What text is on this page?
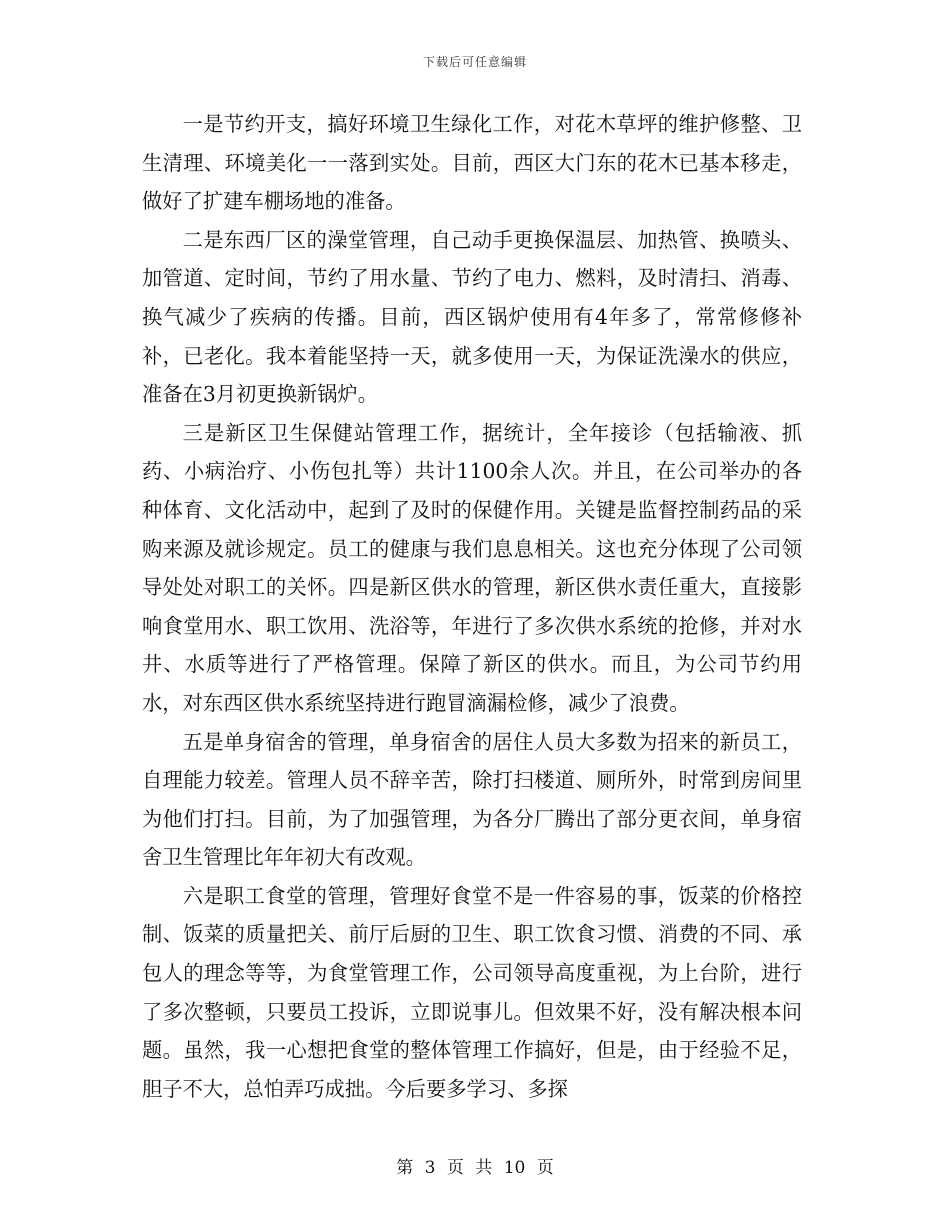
下载后可任意编辑

一是节约开支，搞好环境卫生绿化工作，对花木草坪的维护修整、卫生清理、环境美化一一落到实处。目前，西区大门东的花木已基本移走，做好了扩建车棚场地的准备。

二是东西厂区的澡堂管理，自己动手更换保温层、加热管、换喷头、加管道、定时间，节约了用水量、节约了电力、燃料，及时清扫、消毒、换气减少了疾病的传播。目前，西区锅炉使用有4年多了，常常修修补补，已老化。我本着能坚持一天，就多使用一天，为保证洗澡水的供应，准备在3月初更换新锅炉。

三是新区卫生保健站管理工作，据统计，全年接诊（包括输液、抓药、小病治疗、小伤包扎等）共计1100余人次。并且，在公司举办的各种体育、文化活动中，起到了及时的保健作用。关键是监督控制药品的采购来源及就诊规定。员工的健康与我们息息相关。这也充分体现了公司领导处处对职工的关怀。四是新区供水的管理，新区供水责任重大，直接影响食堂用水、职工饮用、洗浴等，年进行了多次供水系统的抢修，并对水井、水质等进行了严格管理。保障了新区的供水。而且，为公司节约用水，对东西区供水系统坚持进行跑冒滴漏检修，减少了浪费。

五是单身宿舍的管理，单身宿舍的居住人员大多数为招来的新员工，自理能力较差。管理人员不辞辛苦，除打扫楼道、厕所外，时常到房间里为他们打扫。目前，为了加强管理，为各分厂腾出了部分更衣间，单身宿舍卫生管理比年年初大有改观。

六是职工食堂的管理，管理好食堂不是一件容易的事，饭菜的价格控制、饭菜的质量把关、前厅后厨的卫生、职工饮食习惯、消费的不同、承包人的理念等等，为食堂管理工作，公司领导高度重视，为上台阶，进行了多次整顿，只要员工投诉，立即说事儿。但效果不好，没有解决根本问题。虽然，我一心想把食堂的整体管理工作搞好，但是，由于经验不足，胆子不大，总怕弄巧成拙。今后要多学习、多探

第 3 页 共 10 页
